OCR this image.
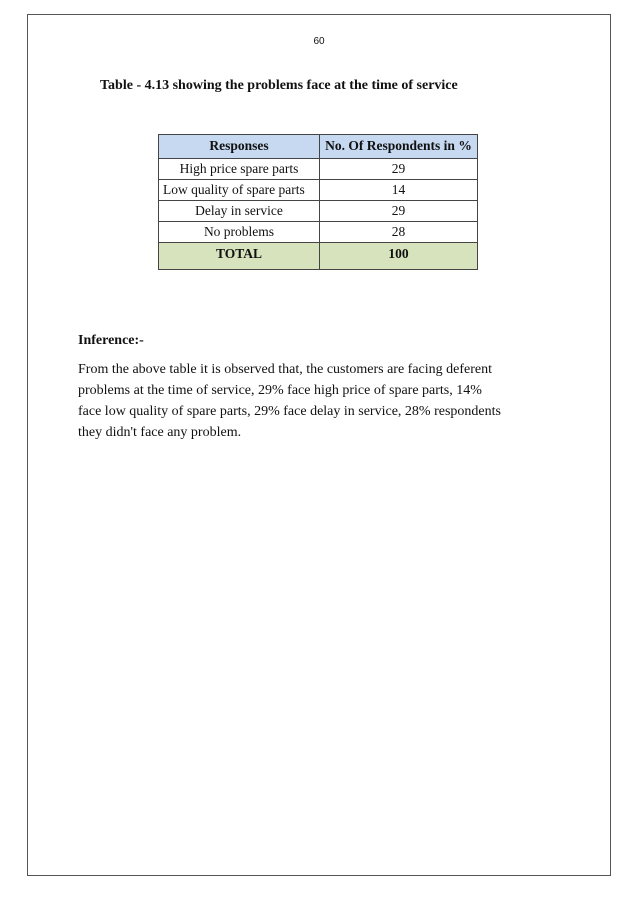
60
Table - 4.13 showing the problems face at the time of service
Responses	No. Of Respondents in %
High price spare parts	29
Low quality of spare parts	14
Delay in service	29
No problems	28
TOTAL	100
Inference:-
From the above table it is observed that, the customers are facing deferent
problems at the time of service, 29% face high price of spare parts, 14%
face low quality of spare parts, 29% face delay in service, 28% respondents
they didn't face any problem.
